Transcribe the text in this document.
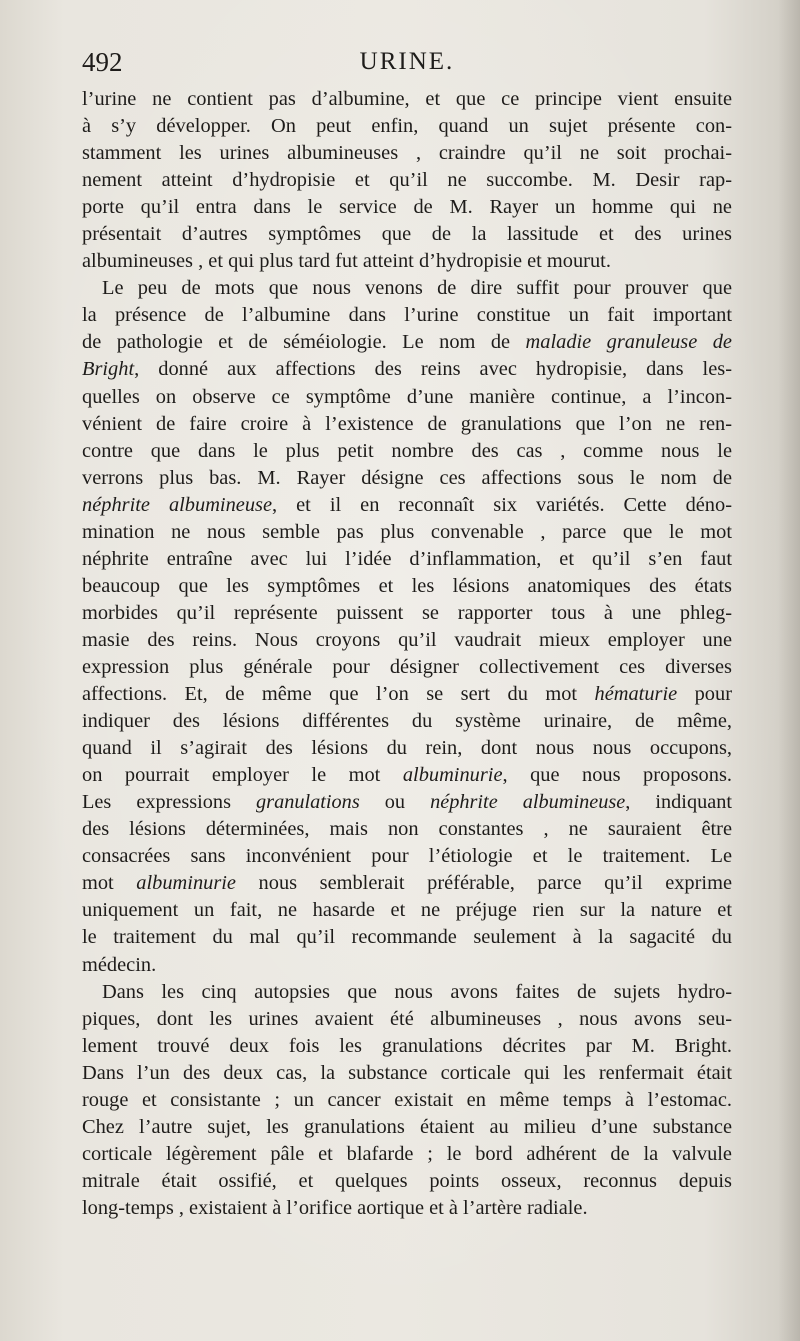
492	URINE.
l’urine ne contient pas d’albumine, et que ce principe vient ensuite
à s’y développer. On peut enfin, quand un sujet présente con-
stamment les urines albumineuses , craindre qu’il ne soit prochai-
nement atteint d’hydropisie et qu’il ne succombe. M. Desir rap-
porte qu’il entra dans le service de M. Rayer un homme qui ne
présentait d’autres symptômes que de la lassitude et des urines
albumineuses , et qui plus tard fut atteint d’hydropisie et mourut.
Le peu de mots que nous venons de dire suffit pour prouver que
la présence de l’albumine dans l’urine constitue un fait important
de pathologie et de séméiologie. Le nom de maladie granuleuse de
Bright, donné aux affections des reins avec hydropisie, dans les-
quelles on observe ce symptôme d’une manière continue, a l’incon-
vénient de faire croire à l’existence de granulations que l’on ne ren-
contre que dans le plus petit nombre des cas , comme nous le
verrons plus bas. M. Rayer désigne ces affections sous le nom de
néphrite albumineuse, et il en reconnaît six variétés. Cette déno-
mination ne nous semble pas plus convenable , parce que le mot
néphrite entraîne avec lui l’idée d’inflammation, et qu’il s’en faut
beaucoup que les symptômes et les lésions anatomiques des états
morbides qu’il représente puissent se rapporter tous à une phleg-
masie des reins. Nous croyons qu’il vaudrait mieux employer une
expression plus générale pour désigner collectivement ces diverses
affections. Et, de même que l’on se sert du mot hématurie pour
indiquer des lésions différentes du système urinaire, de même,
quand il s’agirait des lésions du rein, dont nous nous occupons,
on pourrait employer le mot albuminurie, que nous proposons.
Les expressions granulations ou néphrite albumineuse, indiquant
des lésions déterminées, mais non constantes , ne sauraient être
consacrées sans inconvénient pour l’étiologie et le traitement. Le
mot albuminurie nous semblerait préférable, parce qu’il exprime
uniquement un fait, ne hasarde et ne préjuge rien sur la nature et
le traitement du mal qu’il recommande seulement à la sagacité du
médecin.
Dans les cinq autopsies que nous avons faites de sujets hydro-
piques, dont les urines avaient été albumineuses , nous avons seu-
lement trouvé deux fois les granulations décrites par M. Bright.
Dans l’un des deux cas, la substance corticale qui les renfermait était
rouge et consistante ; un cancer existait en même temps à l’estomac.
Chez l’autre sujet, les granulations étaient au milieu d’une substance
corticale légèrement pâle et blafarde ; le bord adhérent de la valvule
mitrale était ossifié, et quelques points osseux, reconnus depuis
long-temps , existaient à l’orifice aortique et à l’artère radiale.
